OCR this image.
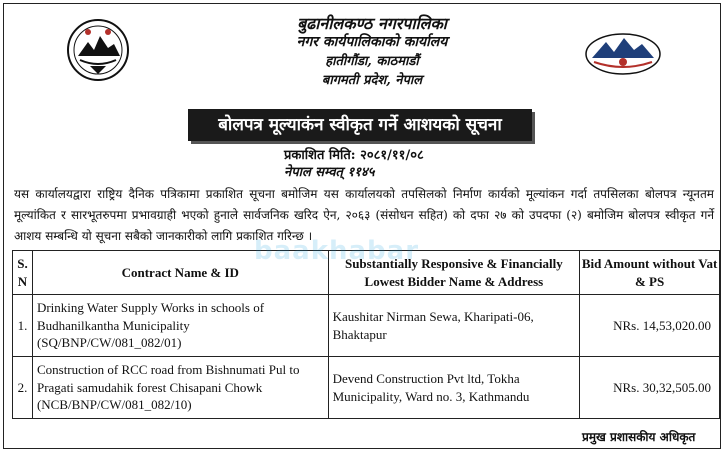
बुढानीलकण्ठ नगरपालिका
नगर कार्यपालिकाको कार्यालय
हातीगौंडा, काठमाडौं
बागमती प्रदेश, नेपाल
बोलपत्र मूल्याकंन स्वीकृत गर्ने आशयको सूचना
प्रकाशित मिति: २०८१/११/०८
नेपाल सम्वत् ११४५
यस कार्यालयद्वारा राष्ट्रिय दैनिक पत्रिकामा प्रकाशित सूचना बमोजिम यस कार्यालयको तपसिलको निर्माण कार्यको मूल्यांकन गर्दा तपसिलका बोलपत्र न्यूनतम मूल्यांकित र सारभूतरुपमा प्रभावग्राही भएको हुनाले सार्वजनिक खरिद ऐन, २०६३ (संसोधन सहित) को दफा २७ को उपदफा (२) बमोजिम बोलपत्र स्वीकृत गर्ने आशय सम्बन्धि यो सूचना सबैको जानकारीको लागि प्रकाशित गरिन्छ ।
S. N	Contract Name & ID	Substantially Responsive & Financially Lowest Bidder Name & Address	Bid Amount without Vat & PS
1.	Drinking Water Supply Works in schools of Budhanilkantha Municipality (SQ/BNP/CW/081_082/01)	Kaushitar Nirman Sewa, Kharipati-06, Bhaktapur	NRs. 14,53,020.00
2.	Construction of RCC road from Bishnumati Pul to Pragati samudahik forest Chisapani Chowk (NCB/BNP/CW/081_082/10)	Devend Construction Pvt ltd, Tokha Municipality, Ward no. 3, Kathmandu	NRs. 30,32,505.00
baakhabar
प्रमुख प्रशासकीय अधिकृत
